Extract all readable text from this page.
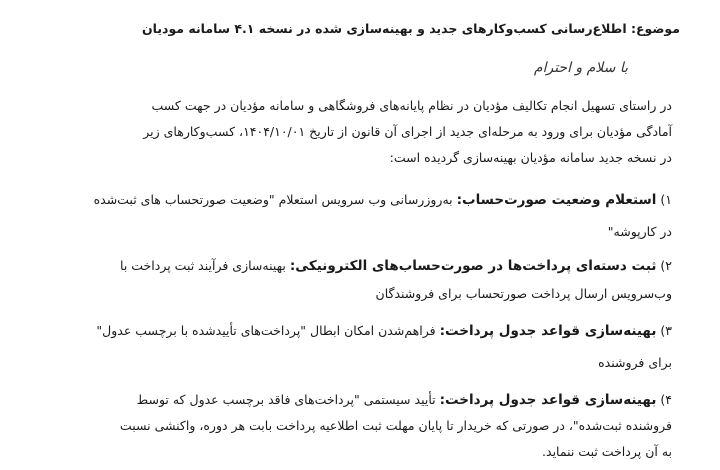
موضوع: اطلاع‌رسانی کسب‌وکارهای جدید و بهینه‌سازی شده در نسخه ۴.۱ سامانه مودیان
با سلام و احترام
در راستای تسهیل انجام تکالیف مؤدیان در نظام پایانه‌های فروشگاهی و سامانه مؤدیان در جهت کسب
آمادگی مؤدیان برای ورود به مرحله‌ای جدید از اجرای آن قانون از تاریخ ۱۴۰۴/۱۰/۰۱، کسب‌وکارهای زیر
در نسخه جدید سامانه مؤدیان بهینه‌سازی گردیده است:
۱) استعلام وضعیت صورت‌حساب: به‌روزرسانی وب سرویس استعلام "وضعیت صورتحساب های ثبت‌شده
در کارپوشه"
۲) ثبت دسته‌ای پرداخت‌ها در صورت‌حساب‌های الکترونیکی: بهینه‌سازی فرآیند ثبت پرداخت با
وب‌سرویس ارسال پرداخت صورتحساب برای فروشندگان
۳) بهینه‌سازی قواعد جدول پرداخت: فراهم‌شدن امکان ابطال "پرداخت‌های تأییدشده با برچسب عدول"
برای فروشنده
۴) بهینه‌سازی قواعد جدول پرداخت: تأیید سیستمی "پرداخت‌های فاقد برچسب عدول که توسط
فروشنده ثبت‌شده"، در صورتی که خریدار تا پایان مهلت ثبت اطلاعیه پرداخت بابت هر دوره، واکنشی نسبت
به آن پرداخت ثبت ننماید.
